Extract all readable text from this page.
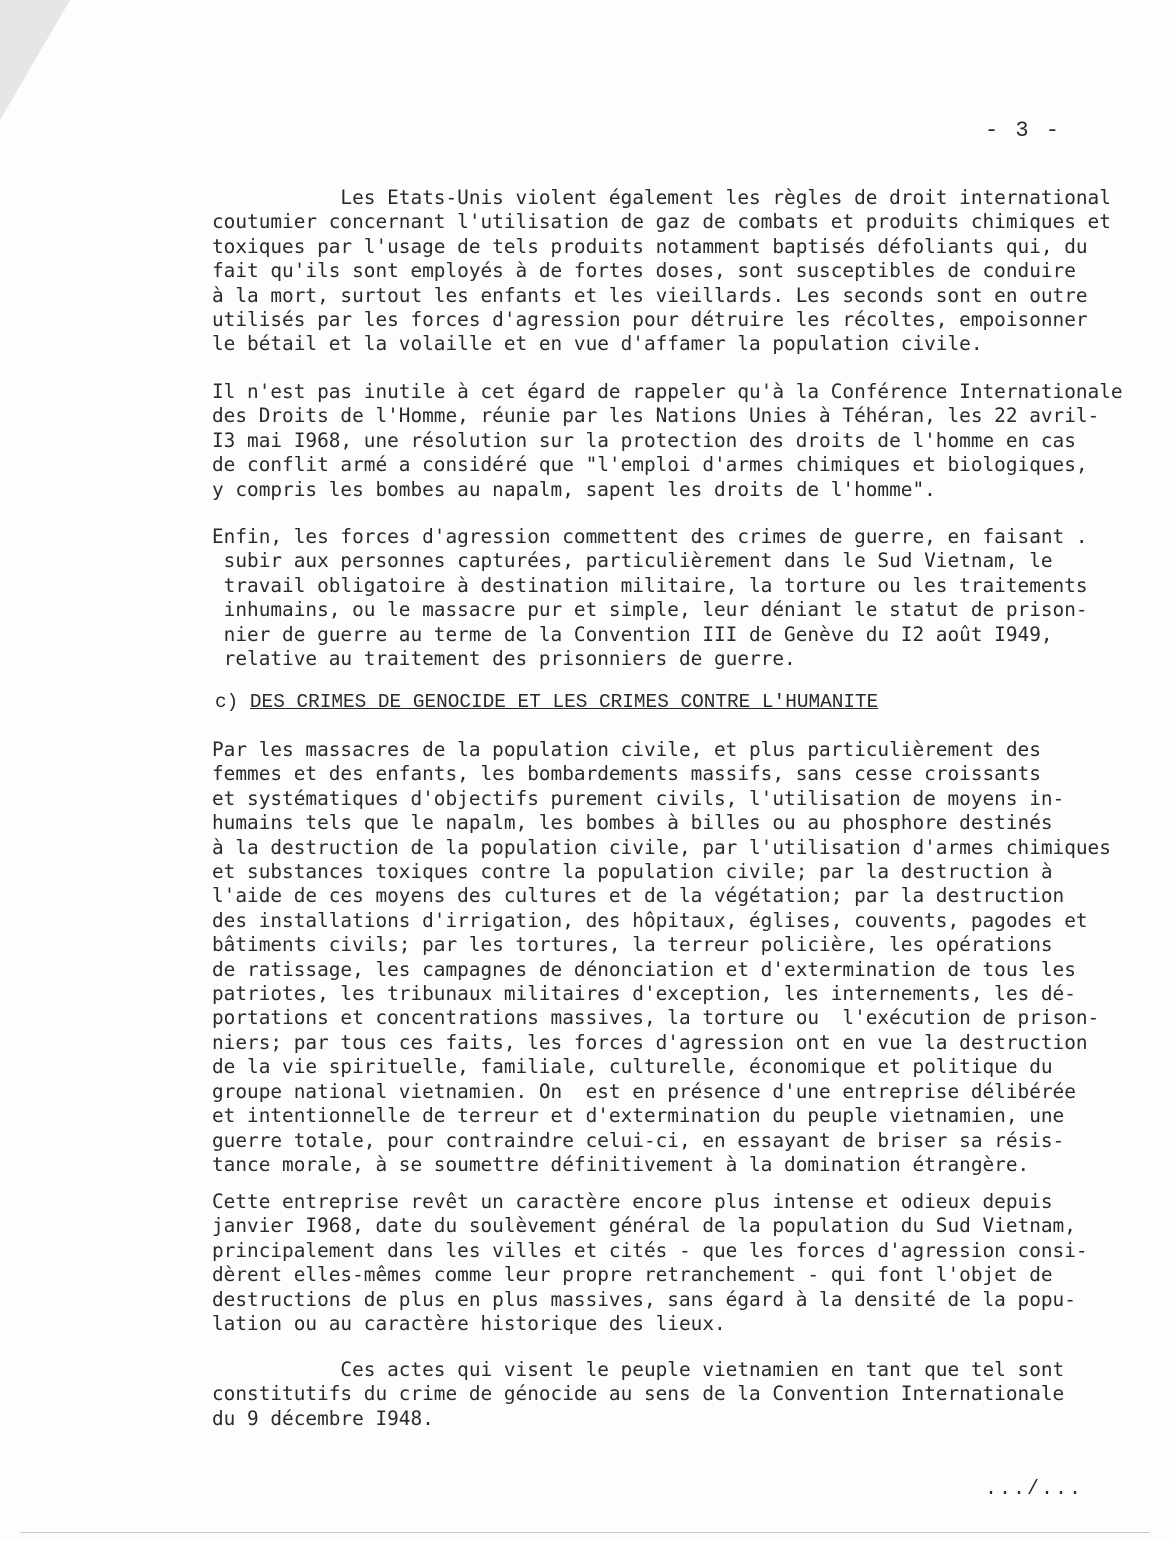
- 3 -
Les Etats-Unis violent également les règles de droit international
coutumier concernant l'utilisation de gaz de combats et produits chimiques et
toxiques par l'usage de tels produits notamment baptisés défoliants qui, du
fait qu'ils sont employés à de fortes doses, sont susceptibles de conduire
à la mort, surtout les enfants et les vieillards. Les seconds sont en outre
utilisés par les forces d'agression pour détruire les récoltes, empoisonner
le bétail et la volaille et en vue d'affamer la population civile.
Il n'est pas inutile à cet égard de rappeler qu'à la Conférence Internationale
des Droits de l'Homme, réunie par les Nations Unies à Téhéran, les 22 avril-
I3 mai I968, une résolution sur la protection des droits de l'homme en cas
de conflit armé a considéré que "l'emploi d'armes chimiques et biologiques,
y compris les bombes au napalm, sapent les droits de l'homme".
Enfin, les forces d'agression commettent des crimes de guerre, en faisant .
subir aux personnes capturées, particulièrement dans le Sud Vietnam, le
travail obligatoire à destination militaire, la torture ou les traitements
inhumains, ou le massacre pur et simple, leur déniant le statut de prison-
nier de guerre au terme de la Convention III de Genève du I2 août I949,
relative au traitement des prisonniers de guerre.
c) DES CRIMES DE GENOCIDE ET LES CRIMES CONTRE L'HUMANITE
Par les massacres de la population civile, et plus particulièrement des
femmes et des enfants, les bombardements massifs, sans cesse croissants
et systématiques d'objectifs purement civils, l'utilisation de moyens in-
humains tels que le napalm, les bombes à billes ou au phosphore destinés
à la destruction de la population civile, par l'utilisation d'armes chimiques
et substances toxiques contre la population civile; par la destruction à
l'aide de ces moyens des cultures et de la végétation; par la destruction
des installations d'irrigation, des hôpitaux, églises, couvents, pagodes et
bâtiments civils; par les tortures, la terreur policière, les opérations
de ratissage, les campagnes de dénonciation et d'extermination de tous les
patriotes, les tribunaux militaires d'exception, les internements, les dé-
portations et concentrations massives, la torture ou  l'exécution de prison-
niers; par tous ces faits, les forces d'agression ont en vue la destruction
de la vie spirituelle, familiale, culturelle, économique et politique du
groupe national vietnamien. On  est en présence d'une entreprise délibérée
et intentionnelle de terreur et d'extermination du peuple vietnamien, une
guerre totale, pour contraindre celui-ci, en essayant de briser sa résis-
tance morale, à se soumettre définitivement à la domination étrangère.
Cette entreprise revêt un caractère encore plus intense et odieux depuis
janvier I968, date du soulèvement général de la population du Sud Vietnam,
principalement dans les villes et cités - que les forces d'agression consi-
dèrent elles-mêmes comme leur propre retranchement - qui font l'objet de
destructions de plus en plus massives, sans égard à la densité de la popu-
lation ou au caractère historique des lieux.
Ces actes qui visent le peuple vietnamien en tant que tel sont
constitutifs du crime de génocide au sens de la Convention Internationale
du 9 décembre I948.
.../...
